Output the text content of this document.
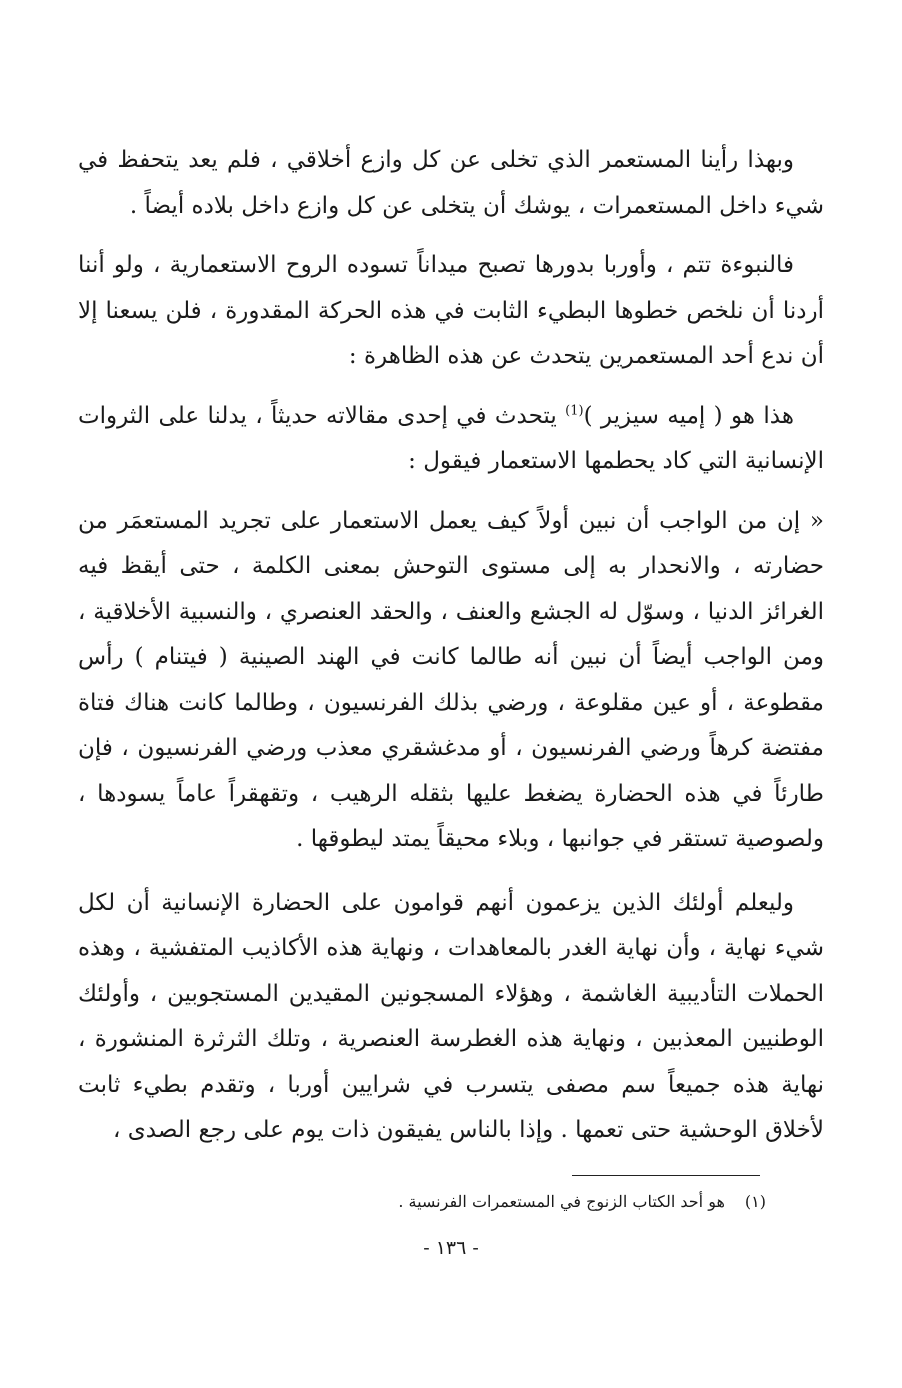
وبهذا رأينا المستعمر الذي تخلى عن كل وازع أخلاقي ، فلم يعد يتحفظ في شيء داخل المستعمرات ، يوشك أن يتخلى عن كل وازع داخل بلاده أيضاً .

فالنبوءة تتم ، وأوربا بدورها تصبح ميداناً تسوده الروح الاستعمارية ، ولو أننا أردنا أن نلخص خطوها البطيء الثابت في هذه الحركة المقدورة ، فلن يسعنا إلا أن ندع أحد المستعمرين يتحدث عن هذه الظاهرة :

هذا هو ( إميه سيزير )$^{(1)}$ يتحدث في إحدى مقالاته حديثاً ، يدلنا على الثروات الإنسانية التي كاد يحطمها الاستعمار فيقول :

« إن من الواجب أن نبين أولاً كيف يعمل الاستعمار على تجريد المستعمَر من حضارته ، والانحدار به إلى مستوى التوحش بمعنى الكلمة ، حتى أيقظ فيه الغرائز الدنيا ، وسوّل له الجشع والعنف ، والحقد العنصري ، والنسبية الأخلاقية ، ومن الواجب أيضاً أن نبين أنه طالما كانت في الهند الصينية ( فيتنام ) رأس مقطوعة ، أو عين مقلوعة ، ورضي بذلك الفرنسيون ، وطالما كانت هناك فتاة مفتضة كرهاً ورضي الفرنسيون ، أو مدغشقري معذب ورضي الفرنسيون ، فإن طارئاً في هذه الحضارة يضغط عليها بثقله الرهيب ، وتقهقراً عاماً يسودها ، ولصوصية تستقر في جوانبها ، وبلاء محيقاً يمتد ليطوقها .

وليعلم أولئك الذين يزعمون أنهم قوامون على الحضارة الإنسانية أن لكل شيء نهاية ، وأن نهاية الغدر بالمعاهدات ، ونهاية هذه الأكاذيب المتفشية ، وهذه الحملات التأديبية الغاشمة ، وهؤلاء المسجونين المقيدين المستجوبين ، وأولئك الوطنيين المعذبين ، ونهاية هذه الغطرسة العنصرية ، وتلك الثرثرة المنشورة ، نهاية هذه جميعاً سم مصفى يتسرب في شرايين أوربا ، وتقدم بطيء ثابت لأخلاق الوحشية حتى تعمها . وإذا بالناس يفيقون ذات يوم على رجع الصدى ،

(١)هو أحد الكتاب الزنوج في المستعمرات الفرنسية .
- ١٣٦ -
